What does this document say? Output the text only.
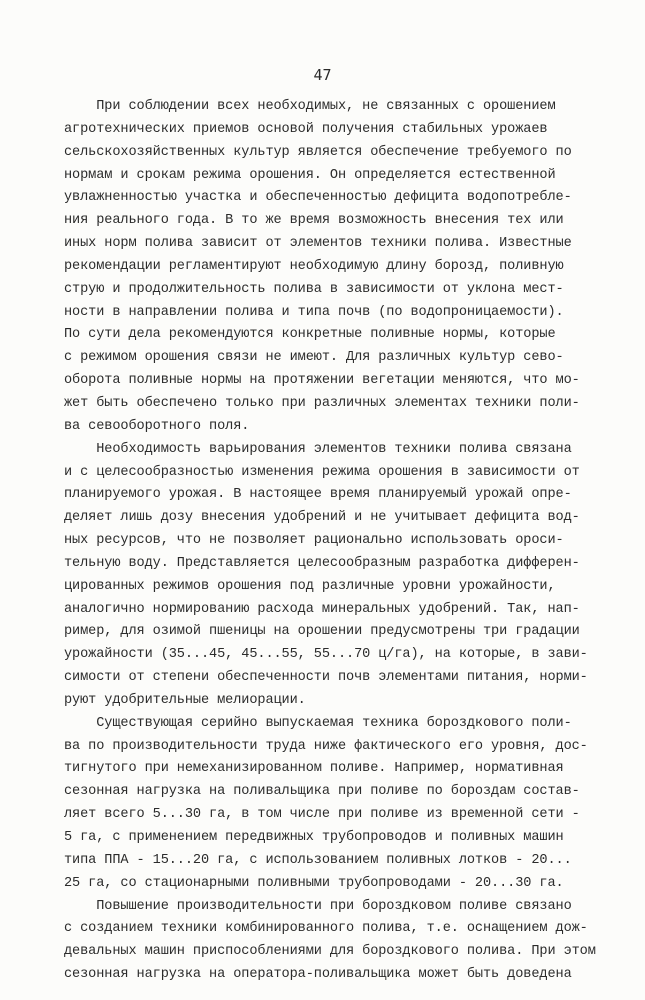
47
При соблюдении всех необходимых, не связанных с орошением
агротехнических приемов основой получения стабильных урожаев
сельскохозяйственных культур является обеспечение требуемого по
нормам и срокам режима орошения. Он определяется естественной
увлажненностью участка и обеспеченностью дефицита водопотребле-
ния реального года. В то же время возможность внесения тех или
иных норм полива зависит от элементов техники полива. Известные
рекомендации регламентируют необходимую длину борозд, поливную
струю и продолжительность полива в зависимости от уклона мест-
ности в направлении полива и типа почв (по водопроницаемости).
По сути дела рекомендуются конкретные поливные нормы, которые
с режимом орошения связи не имеют. Для различных культур сево-
оборота поливные нормы на протяжении вегетации меняются, что мо-
жет быть обеспечено только при различных элементах техники поли-
ва севооборотного поля.
Необходимость варьирования элементов техники полива связана
и с целесообразностью изменения режима орошения в зависимости от
планируемого урожая. В настоящее время планируемый урожай опре-
деляет лишь дозу внесения удобрений и не учитывает дефицита вод-
ных ресурсов, что не позволяет рационально использовать ороси-
тельную воду. Представляется целесообразным разработка дифферен-
цированных режимов орошения под различные уровни урожайности,
аналогично нормированию расхода минеральных удобрений. Так, нап-
ример, для озимой пшеницы на орошении предусмотрены три градации
урожайности (35...45, 45...55, 55...70 ц/га), на которые, в зави-
симости от степени обеспеченности почв элементами питания, норми-
руют удобрительные мелиорации.
Существующая серийно выпускаемая техника бороздкового поли-
ва по производительности труда ниже фактического его уровня, дос-
тигнутого при немеханизированном поливе. Например, нормативная
сезонная нагрузка на поливальщика при поливе по бороздам состав-
ляет всего 5...30 га, в том числе при поливе из временной сети -
5 га, с применением передвижных трубопроводов и поливных машин
типа ППА - 15...20 га, с использованием поливных лотков - 20...
25 га, со стационарными поливными трубопроводами - 20...30 га.
Повышение производительности при бороздковом поливе связано
с созданием техники комбинированного полива, т.е. оснащением дож-
девальных машин приспособлениями для бороздкового полива. При этом
сезонная нагрузка на оператора-поливальщика может быть доведена
